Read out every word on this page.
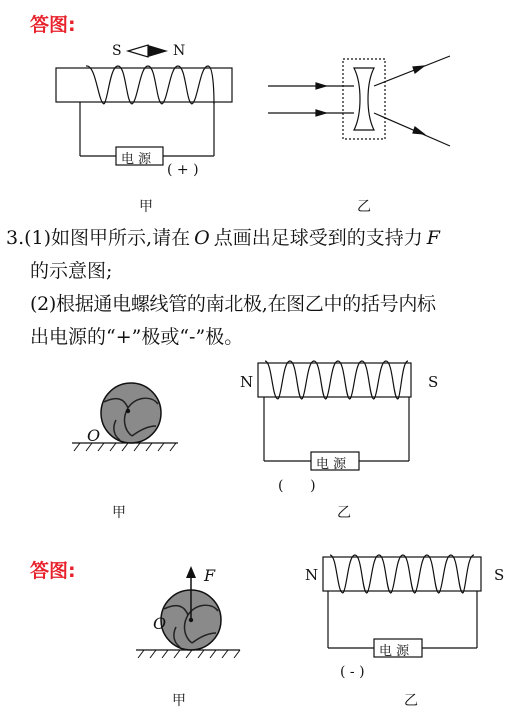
答图:
S	N
电 源
( + )
甲	乙
3.(1)如图甲所示,请在 O 点画出足球受到的支持力 F
的示意图;
(2)根据通电螺线管的南北极,在图乙中的括号内标
出电源的“+”极或“-”极。
O
N	S
电 源
(      )
甲	乙
答图:	F
O
N	S
电 源
( - )
甲	乙
